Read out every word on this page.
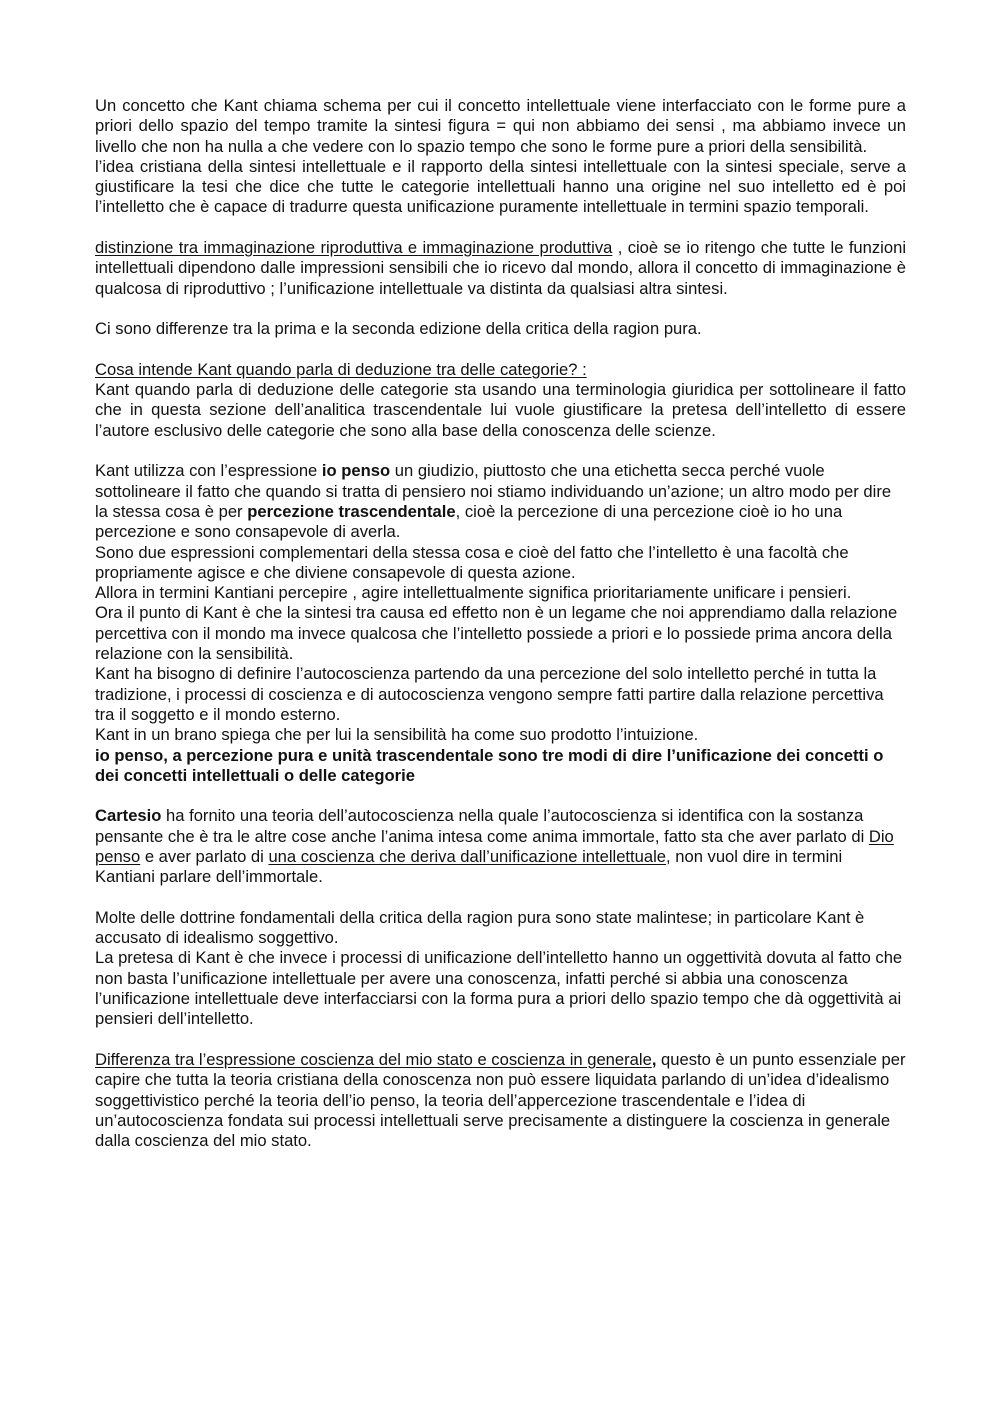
Un concetto che Kant chiama schema per cui il concetto intellettuale viene interfacciato con le forme pure a priori dello spazio del tempo tramite la sintesi figura = qui non abbiamo dei sensi , ma abbiamo invece un livello che non ha nulla a che vedere con lo spazio tempo che sono le forme pure a priori della sensibilità.

l’idea cristiana della sintesi intellettuale e il rapporto della sintesi intellettuale con la sintesi speciale, serve a giustificare la tesi che dice che tutte le categorie intellettuali hanno una origine nel suo intelletto ed è poi l’intelletto che è capace di tradurre questa unificazione puramente intellettuale in termini spazio temporali.

distinzione tra immaginazione riproduttiva e immaginazione produttiva , cioè se io ritengo che tutte le funzioni intellettuali dipendono dalle impressioni sensibili che io ricevo dal mondo, allora il concetto di immaginazione è qualcosa di riproduttivo ; l’unificazione intellettuale va distinta da qualsiasi altra sintesi.

Ci sono differenze tra la prima e la seconda edizione della critica della ragion pura.

Cosa intende Kant quando parla di deduzione tra delle categorie? :

Kant quando parla di deduzione delle categorie sta usando una terminologia giuridica per sottolineare il fatto che in questa sezione dell’analitica trascendentale lui vuole giustificare la pretesa dell’intelletto di essere l’autore esclusivo delle categorie che sono alla base della conoscenza delle scienze.

Kant utilizza con l’espressione io penso un giudizio, piuttosto che una etichetta secca perché vuole sottolineare il fatto che quando si tratta di pensiero noi stiamo individuando un’azione; un altro modo per dire la stessa cosa è per percezione trascendentale, cioè la percezione di una percezione cioè io ho una percezione e sono consapevole di averla.

Sono due espressioni complementari della stessa cosa e cioè del fatto che l’intelletto è una facoltà che propriamente agisce e che diviene consapevole di questa azione.

Allora in termini Kantiani percepire , agire intellettualmente significa prioritariamente unificare i pensieri.

Ora il punto di Kant è che la sintesi tra causa ed effetto non è un legame che noi apprendiamo dalla relazione percettiva con il mondo ma invece qualcosa che l’intelletto possiede a priori e lo possiede prima ancora della relazione con la sensibilità.

Kant ha bisogno di definire l’autocoscienza partendo da una percezione del solo intelletto perché in tutta la tradizione, i processi di coscienza e di autocoscienza vengono sempre fatti partire dalla relazione percettiva tra il soggetto e il mondo esterno.

Kant in un brano spiega che per lui la sensibilità ha come suo prodotto l’intuizione.

io penso, a percezione pura e unità trascendentale sono tre modi di dire l’unificazione dei concetti o dei concetti intellettuali o delle categorie

Cartesio ha fornito una teoria dell’autocoscienza nella quale l’autocoscienza si identifica con la sostanza pensante che è tra le altre cose anche l’anima intesa come anima immortale, fatto sta che aver parlato di Dio penso e aver parlato di una coscienza che deriva dall’unificazione intellettuale, non vuol dire in termini Kantiani parlare dell’immortale.

Molte delle dottrine fondamentali della critica della ragion pura sono state malintese; in particolare Kant è accusato di idealismo soggettivo.

La pretesa di Kant è che invece i processi di unificazione dell’intelletto hanno un oggettività dovuta al fatto che non basta l’unificazione intellettuale per avere una conoscenza, infatti perché si abbia una conoscenza l’unificazione intellettuale deve interfacciarsi con la forma pura a priori dello spazio tempo che dà oggettività ai pensieri dell’intelletto.

Differenza tra l’espressione coscienza del mio stato e coscienza in generale, questo è un punto essenziale per capire che tutta la teoria cristiana della conoscenza non può essere liquidata parlando di un’idea d’idealismo soggettivistico perché la teoria dell’io penso, la teoria dell’appercezione trascendentale e l’idea di un’autocoscienza fondata sui processi intellettuali serve precisamente a distinguere la coscienza in generale dalla coscienza del mio stato.
